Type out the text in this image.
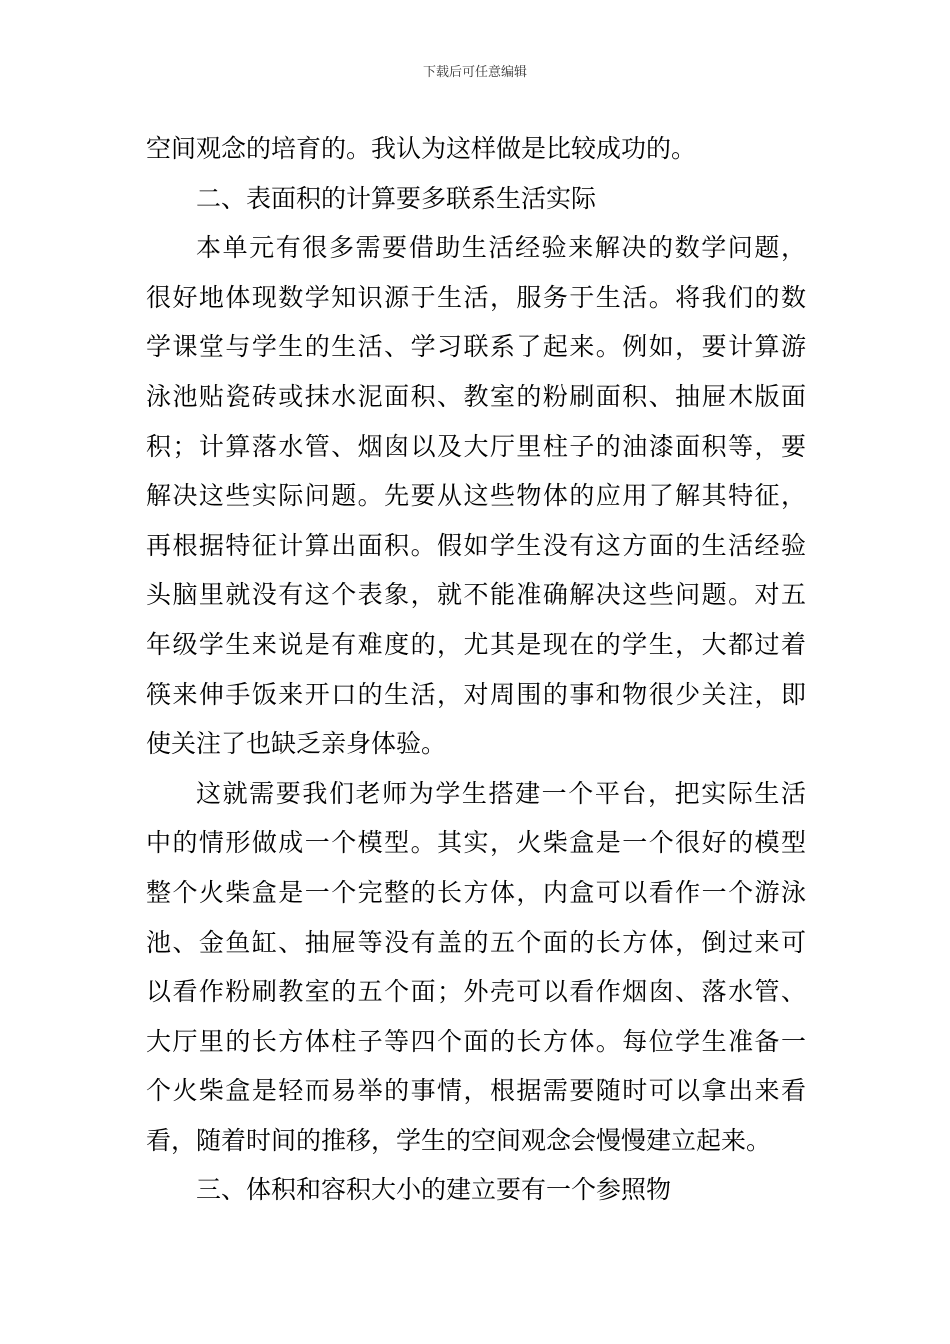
下载后可任意编辑
空间观念的培育的。我认为这样做是比较成功的。
二、表面积的计算要多联系生活实际
本单元有很多需要借助生活经验来解决的数学问题，
很好地体现数学知识源于生活，服务于生活。将我们的数
学课堂与学生的生活、学习联系了起来。例如，要计算游
泳池贴瓷砖或抹水泥面积、教室的粉刷面积、抽屉木版面
积；计算落水管、烟囱以及大厅里柱子的油漆面积等，要
解决这些实际问题。先要从这些物体的应用了解其特征，
再根据特征计算出面积。假如学生没有这方面的生活经验
头脑里就没有这个表象，就不能准确解决这些问题。对五
年级学生来说是有难度的，尤其是现在的学生，大都过着
筷来伸手饭来开口的生活，对周围的事和物很少关注，即
使关注了也缺乏亲身体验。
这就需要我们老师为学生搭建一个平台，把实际生活
中的情形做成一个模型。其实，火柴盒是一个很好的模型
整个火柴盒是一个完整的长方体，内盒可以看作一个游泳
池、金鱼缸、抽屉等没有盖的五个面的长方体，倒过来可
以看作粉刷教室的五个面；外壳可以看作烟囱、落水管、
大厅里的长方体柱子等四个面的长方体。每位学生准备一
个火柴盒是轻而易举的事情，根据需要随时可以拿出来看
看，随着时间的推移，学生的空间观念会慢慢建立起来。
三、体积和容积大小的建立要有一个参照物
